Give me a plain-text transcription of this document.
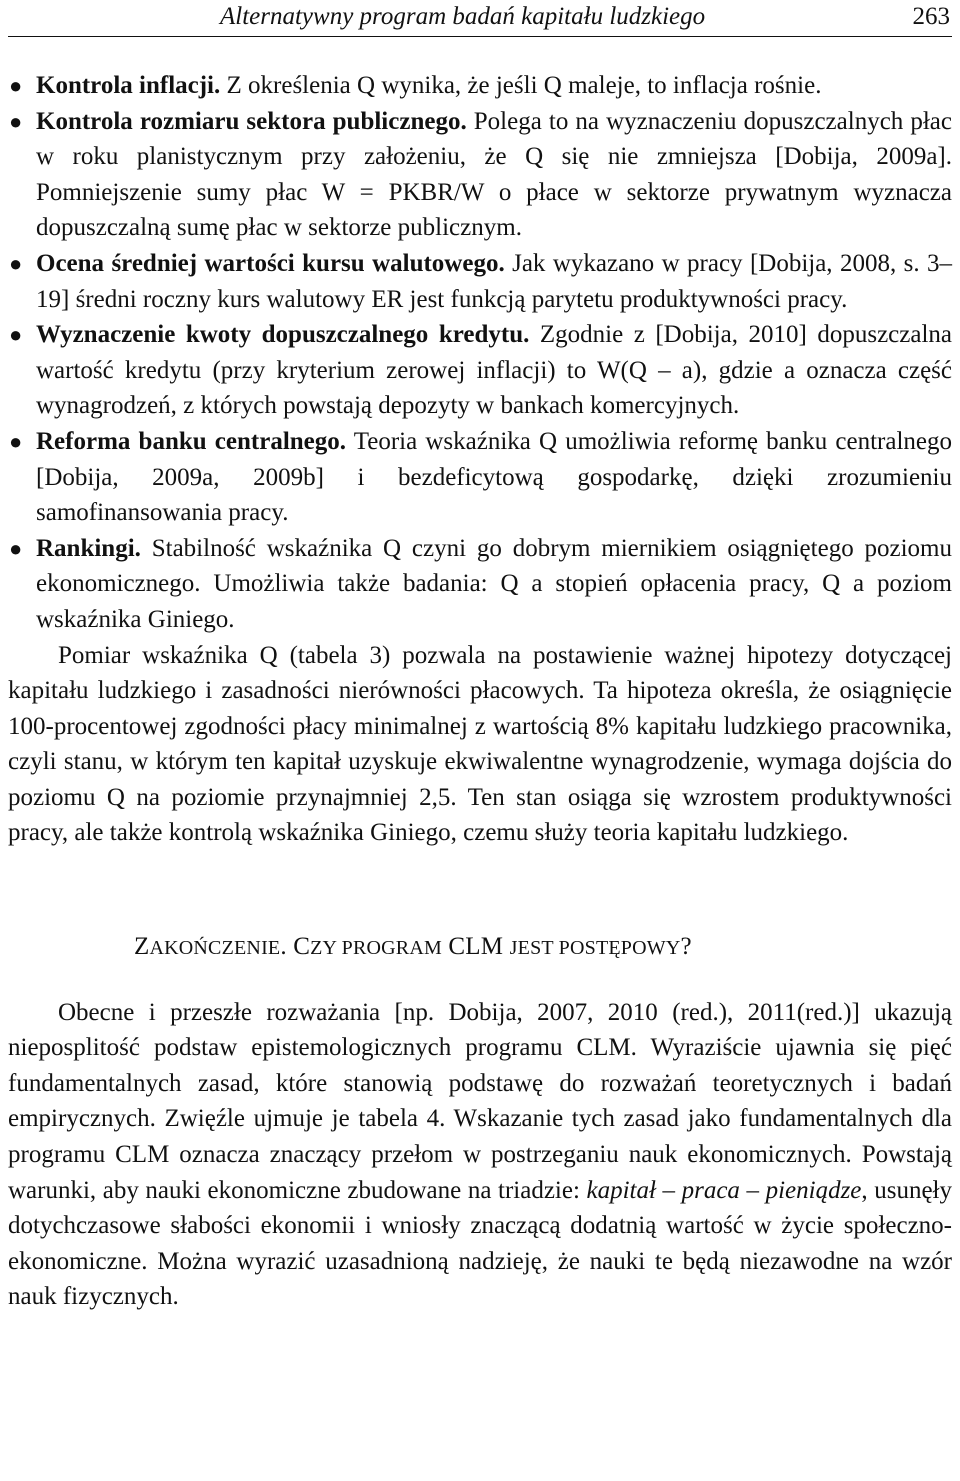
Alternatywny program badań kapitału ludzkiego	263
● Kontrola inflacji. Z określenia Q wynika, że jeśli Q maleje, to inflacja rośnie.
● Kontrola rozmiaru sektora publicznego. Polega to na wyznaczeniu dopuszczalnych płac w roku planistycznym przy założeniu, że Q się nie zmniejsza [Dobija, 2009a]. Pomniejszenie sumy płac W = PKBR/W o płace w sektorze prywatnym wyznacza dopuszczalną sumę płac w sektorze publicznym.
● Ocena średniej wartości kursu walutowego. Jak wykazano w pracy [Dobija, 2008, s. 3–19] średni roczny kurs walutowy ER jest funkcją parytetu produktywności pracy.
● Wyznaczenie kwoty dopuszczalnego kredytu. Zgodnie z [Dobija, 2010] dopuszczalna wartość kredytu (przy kryterium zerowej inflacji) to W(Q – a), gdzie a oznacza część wynagrodzeń, z których powstają depozyty w bankach komercyjnych.
● Reforma banku centralnego. Teoria wskaźnika Q umożliwia reformę banku centralnego [Dobija, 2009a, 2009b] i bezdeficytową gospodarkę, dzięki zrozumieniu samofinansowania pracy.
● Rankingi. Stabilność wskaźnika Q czyni go dobrym miernikiem osiągniętego poziomu ekonomicznego. Umożliwia także badania: Q a stopień opłacenia pracy, Q a poziom wskaźnika Giniego.

Pomiar wskaźnika Q (tabela 3) pozwala na postawienie ważnej hipotezy dotyczącej kapitału ludzkiego i zasadności nierówności płacowych. Ta hipoteza określa, że osiągnięcie 100-procentowej zgodności płacy minimalnej z wartością 8% kapitału ludzkiego pracownika, czyli stanu, w którym ten kapitał uzyskuje ekwiwalentne wynagrodzenie, wymaga dojścia do poziomu Q na poziomie przynajmniej 2,5. Ten stan osiąga się wzrostem produktywności pracy, ale także kontrolą wskaźnika Giniego, czemu służy teoria kapitału ludzkiego.

ZAKOŃCZENIE. CZY PROGRAM CLM JEST POSTĘPOWY?

Obecne i przeszłe rozważania [np. Dobija, 2007, 2010 (red.), 2011(red.)] ukazują nieposplitość podstaw epistemologicznych programu CLM. Wyraziście ujawnia się pięć fundamentalnych zasad, które stanowią podstawę do rozważań teoretycznych i badań empirycznych. Zwięźle ujmuje je tabela 4. Wskazanie tych zasad jako fundamentalnych dla programu CLM oznacza znaczący przełom w postrzeganiu nauk ekonomicznych. Powstają warunki, aby nauki ekonomiczne zbudowane na triadzie: kapitał – praca – pieniądze, usunęły dotychczasowe słabości ekonomii i wniosły znaczącą dodatnią wartość w życie społeczno-ekonomiczne. Można wyrazić uzasadnioną nadzieję, że nauki te będą niezawodne na wzór nauk fizycznych.
